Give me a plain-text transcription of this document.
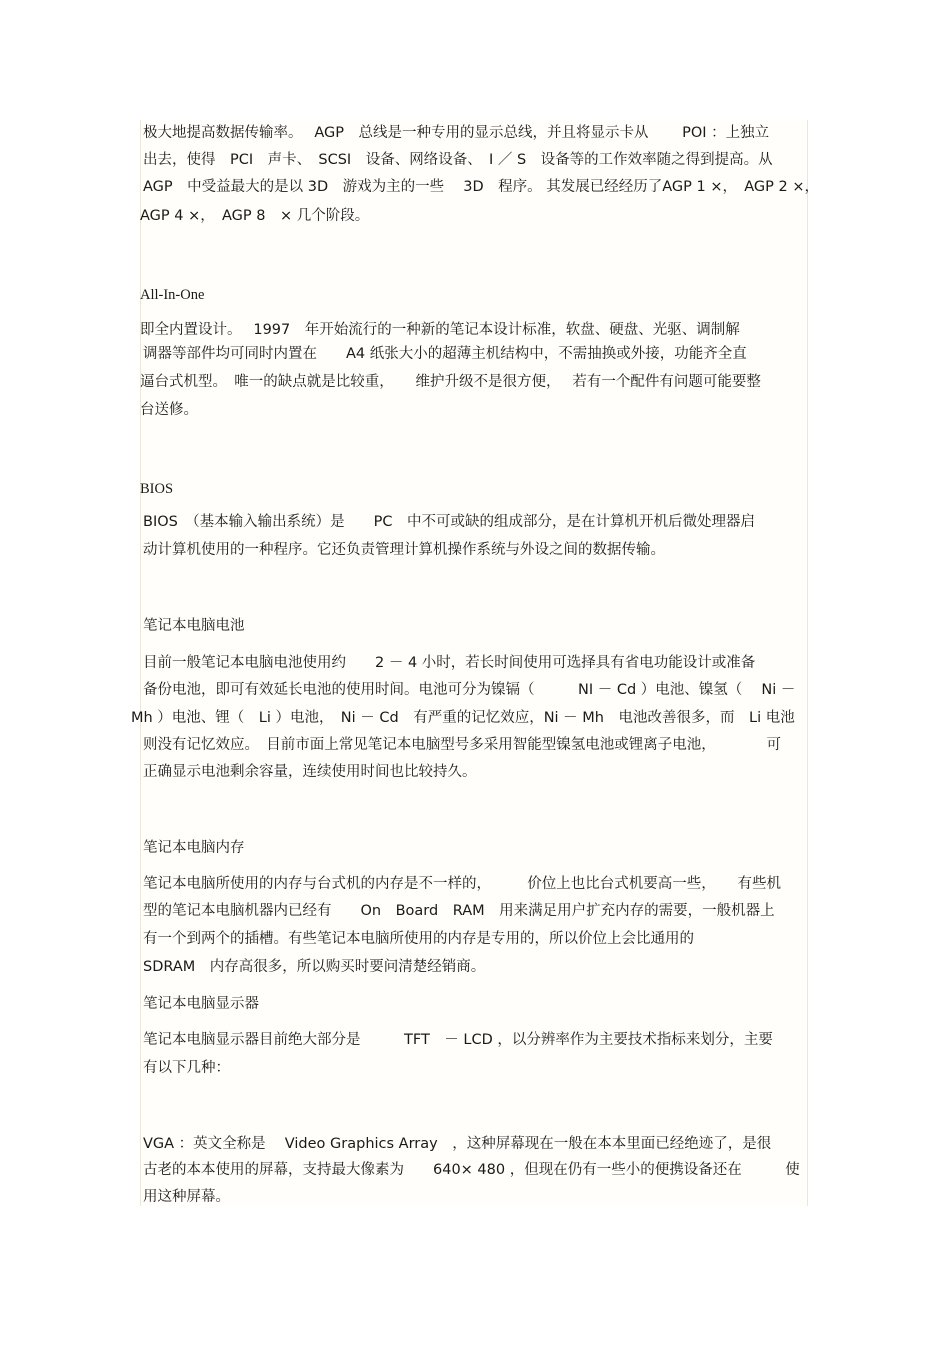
极大地提高数据传输率。　 AGP　总线是一种专用的显示总线，并且将显示卡从　　 POI ：上独立
出去，使得　PCI　声卡、　SCSI　设备、网络设备、　I ／ S　设备等的工作效率随之得到提高。从
AGP　中受益最大的是以 3D　游戏为主的一些　 3D　程序。 其发展已经经历了AGP 1 ×，　AGP 2 ×，
AGP 4 ×，　AGP 8　× 几个阶段。
All-In-One
即全内置设计。　 1997　年开始流行的一种新的笔记本设计标准，软盘、硬盘、光驱、调制解
调器等部件均可同时内置在　　A4 纸张大小的超薄主机结构中，不需抽换或外接，功能齐全直
逼台式机型。　唯一的缺点就是比较重，　　维护升级不是很方便，　 若有一个配件有问题可能要整
台送修。
BIOS
BIOS　（基本输入输出系统）是　　PC　中不可或缺的组成部分，是在计算机开机后微处理器启
动计算机使用的一种程序。它还负责管理计算机操作系统与外设之间的数据传输。
笔记本电脑电池
目前一般笔记本电脑电池使用约　　2 － 4 小时，若长时间使用可选择具有省电功能设计或准备
备份电池，即可有效延长电池的使用时间。电池可分为镍镉（　　　NI － Cd ）电池、镍氢（　 Ni －
Mh ）电池、锂（　Li ）电池，　Ni － Cd　有严重的记忆效应，Ni － Mh　电池改善很多，而　Li 电池
则没有记忆效应。　目前市面上常见笔记本电脑型号多采用智能型镍氢电池或锂离子电池，　　　　可
正确显示电池剩余容量，连续使用时间也比较持久。
笔记本电脑内存
笔记本电脑所使用的内存与台式机的内存是不一样的，　　　价位上也比台式机要高一些，　　有些机
型的笔记本电脑机器内已经有　　On　Board　RAM　用来满足用户扩充内存的需要，一般机器上
有一个到两个的插槽。有些笔记本电脑所使用的内存是专用的，所以价位上会比通用的
SDRAM　内存高很多，所以购买时要问清楚经销商。
笔记本电脑显示器
笔记本电脑显示器目前绝大部分是　　　TFT　－ LCD ，以分辨率作为主要技术指标来划分，主要
有以下几种：
VGA ：英文全称是　 Video Graphics Array　，这种屏幕现在一般在本本里面已经绝迹了，是很
古老的本本使用的屏幕，支持最大像素为　　640× 480 ，但现在仍有一些小的便携设备还在　　　使
用这种屏幕。
